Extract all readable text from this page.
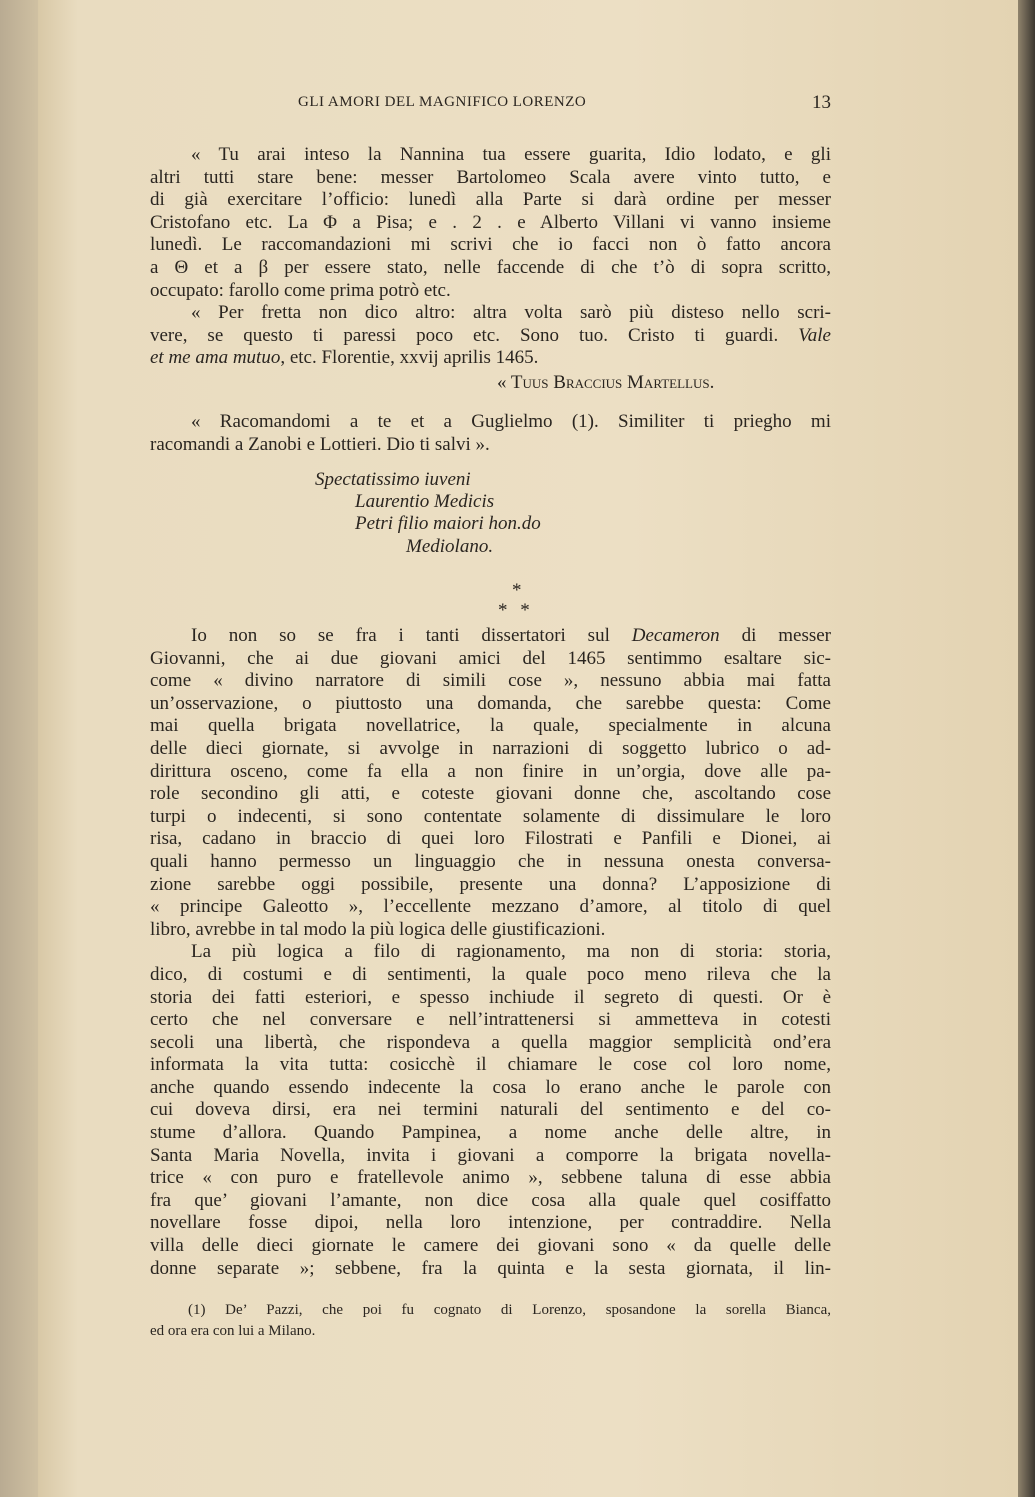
GLI AMORI DEL MAGNIFICO LORENZO	13
« Tu arai inteso la Nannina tua essere guarita, Idio lodato, e gli
altri tutti stare bene: messer Bartolomeo Scala avere vinto tutto, e
di già exercitare l’officio: lunedì alla Parte si darà ordine per messer
Cristofano etc. La Φ a Pisa; e . 2 . e Alberto Villani vi vanno insieme
lunedì. Le raccomandazioni mi scrivi che io facci non ò fatto ancora
a Θ et a β per essere stato, nelle faccende di che t’ò di sopra scritto,
occupato: farollo come prima potrò etc.
« Per fretta non dico altro: altra volta sarò più disteso nello scri-
vere, se questo ti paressi poco etc. Sono tuo. Cristo ti guardi. Vale
et me ama mutuo, etc. Florentie, xxvij aprilis 1465.
« Tuus Braccius Martellus.
« Racomandomi a te et a Guglielmo (1). Similiter ti priegho mi
racomandi a Zanobi e Lottieri. Dio ti salvi ».
Spectatissimo iuveni
Laurentio Medicis
Petri filio maiori hon.do
Mediolano.
*
* *
Io non so se fra i tanti dissertatori sul Decameron di messer
Giovanni, che ai due giovani amici del 1465 sentimmo esaltare sic-
come « divino narratore di simili cose », nessuno abbia mai fatta
un’osservazione, o piuttosto una domanda, che sarebbe questa: Come
mai quella brigata novellatrice, la quale, specialmente in alcuna
delle dieci giornate, si avvolge in narrazioni di soggetto lubrico o ad-
dirittura osceno, come fa ella a non finire in un’orgia, dove alle pa-
role secondino gli atti, e coteste giovani donne che, ascoltando cose
turpi o indecenti, si sono contentate solamente di dissimulare le loro
risa, cadano in braccio di quei loro Filostrati e Panfili e Dionei, ai
quali hanno permesso un linguaggio che in nessuna onesta conversa-
zione sarebbe oggi possibile, presente una donna? L’apposizione di
« principe Galeotto », l’eccellente mezzano d’amore, al titolo di quel
libro, avrebbe in tal modo la più logica delle giustificazioni.
La più logica a filo di ragionamento, ma non di storia: storia,
dico, di costumi e di sentimenti, la quale poco meno rileva che la
storia dei fatti esteriori, e spesso inchiude il segreto di questi. Or è
certo che nel conversare e nell’intrattenersi si ammetteva in cotesti
secoli una libertà, che rispondeva a quella maggior semplicità ond’era
informata la vita tutta: cosicchè il chiamare le cose col loro nome,
anche quando essendo indecente la cosa lo erano anche le parole con
cui doveva dirsi, era nei termini naturali del sentimento e del co-
stume d’allora. Quando Pampinea, a nome anche delle altre, in
Santa Maria Novella, invita i giovani a comporre la brigata novella-
trice « con puro e fratellevole animo », sebbene taluna di esse abbia
fra que’ giovani l’amante, non dice cosa alla quale quel cosiffatto
novellare fosse dipoi, nella loro intenzione, per contraddire. Nella
villa delle dieci giornate le camere dei giovani sono « da quelle delle
donne separate »; sebbene, fra la quinta e la sesta giornata, il lin-
(1) De’ Pazzi, che poi fu cognato di Lorenzo, sposandone la sorella Bianca,
ed ora era con lui a Milano.
